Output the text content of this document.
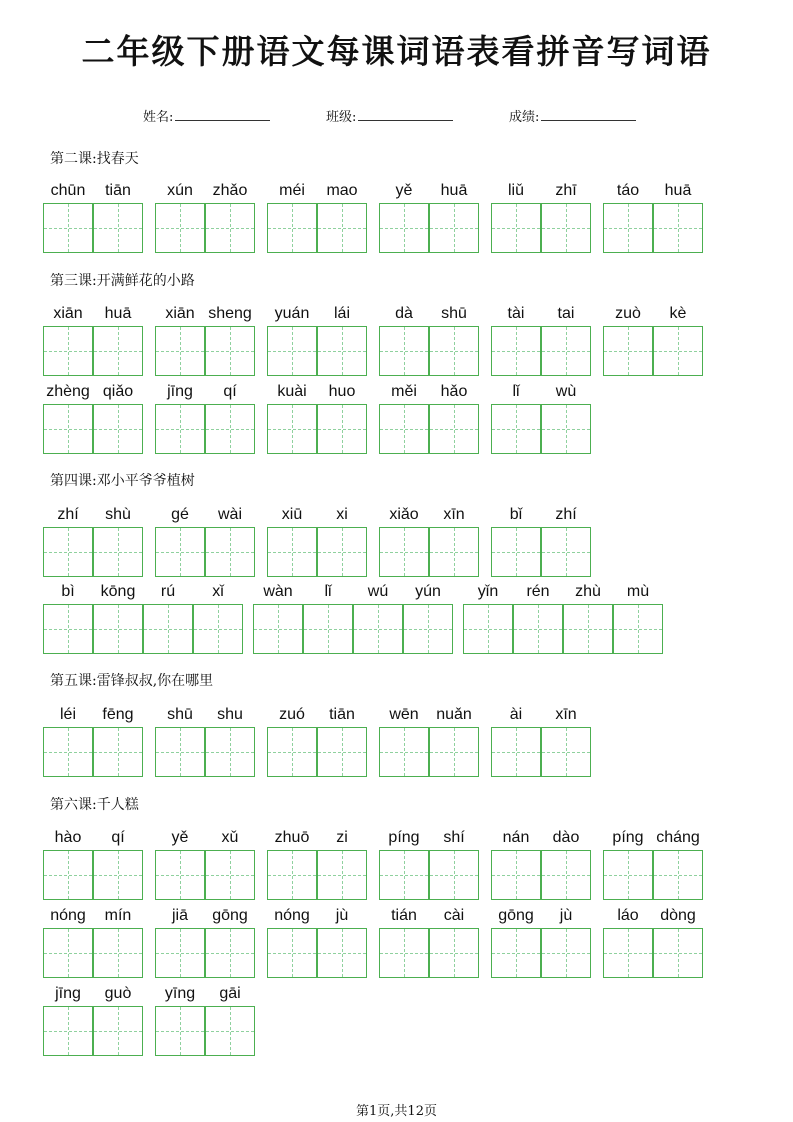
二年级下册语文每课词语表看拼音写词语
姓名:	班级:	成绩:
第二课:找春天
chūn	tiān	xún	zhǎo	méi	mao	yě	huā	liǔ	zhī	táo	huā
第三课:开满鲜花的小路
xiān	huā	xiān sheng	yuán	lái	dà	shū	tài	tai	zuò	kè
zhèng qiǎo	jīng	qí	kuài	huo	měi	hǎo	lǐ	wù
第四课:邓小平爷爷植树
zhí	shù	gé	wài	xiū	xi	xiǎo	xīn	bǐ	zhí
bì	kōng	rú	xǐ	wàn	lǐ	wú	yún	yǐn	rén	zhù	mù
第五课:雷锋叔叔,你在哪里
léi	fēng	shū	shu	zuó	tiān	wēn	nuǎn	ài	xīn
第六课:千人糕
hào	qí	yě	xǔ	zhuō	zi	píng	shí	nán	dào	píng cháng
nóng	mín	jiā	gōng	nóng	jù	tián	cài	gōng	jù	láo	dòng
jīng	guò	yīng	gāi
第1页,共12页
